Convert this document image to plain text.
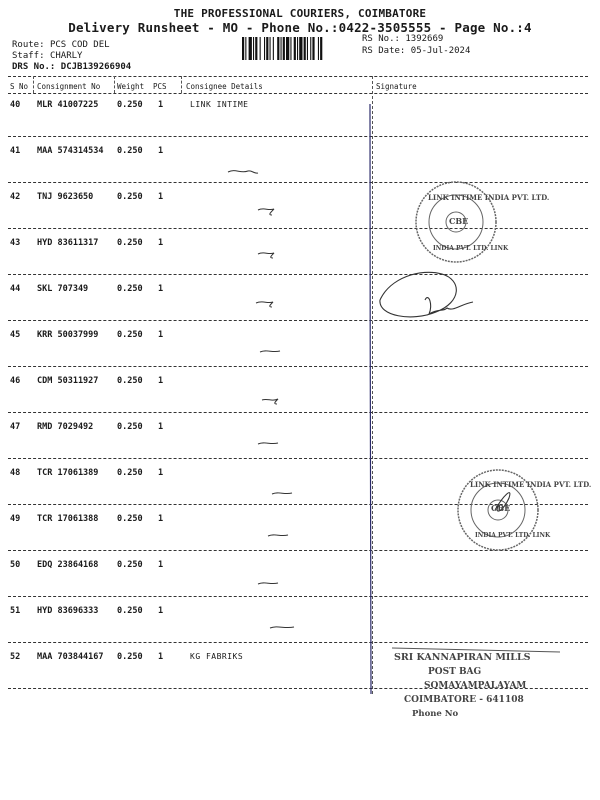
THE PROFESSIONAL COURIERS, COIMBATORE
Delivery Runsheet - MO - Phone No.:0422-3505555 - Page No.:4
Route: PCS COD DEL
Staff: CHARLY
DRS No.: DCJB139266904
RS No.: 1392669
RS Date: 05-Jul-2024
S No Consignment No Weight PCS	Consignee Details	Signature
40 MLR 41007225 0.250 1	LINK INTIME
41 MAA 574314534 0.250 1
42 TNJ 9623650	0.250 1
43 HYD 83611317 0.250 1
44 SKL 707349	0.250 1
45 KRR 50037999 0.250 1
46 CDM 50311927 0.250 1
47 RMD 7029492	0.250 1
48 TCR 17061389 0.250 1
49 TCR 17061388 0.250 1
50 EDQ 23864168 0.250 1
51 HYD 83696333 0.250 1
52 MAA 703844167 0.250 1	KG FABRIKS
LINK INTIME INDIA PVT. LTD.
CBE
INDIA PVT. LTD. LINK
LINK INTIME INDIA PVT. LTD.
CBE
INDIA PVT. LTD. LINK
SRI KANNAPIRAN MILLS
POST BAG
SOMAYAMPALAYAM
COIMBATORE - 641108
Phone No
